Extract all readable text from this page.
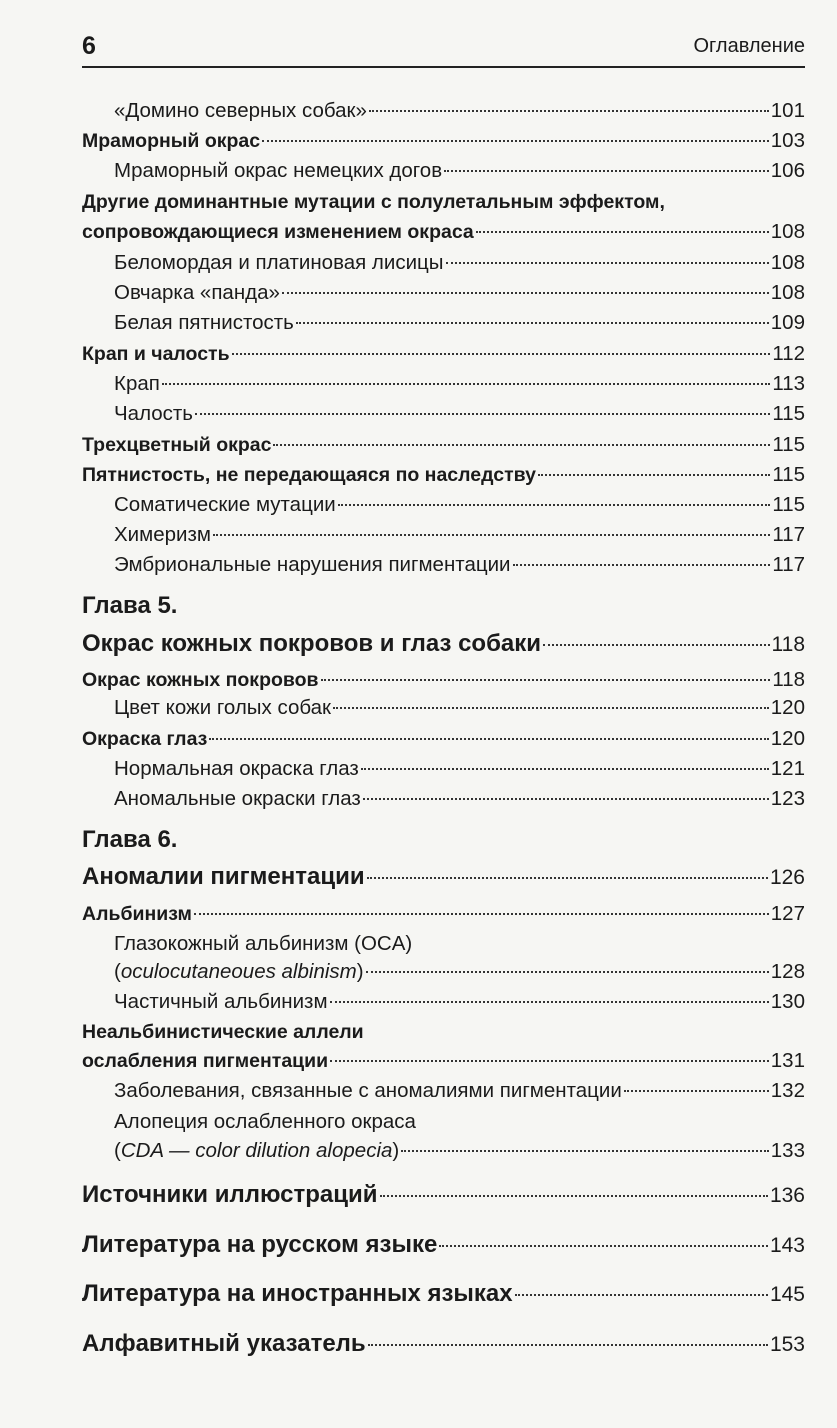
6	Оглавление
«Домино северных собак»	101
Мраморный окрас	103
Мраморный окрас немецких догов	106
Другие доминантные мутации с полулетальным эффектом,
сопровождающиеся изменением окраса	108
Беломордая и платиновая лисицы	108
Овчарка «панда»	108
Белая пятнистость	109
Крап и чалость	112
Крап	113
Чалость	115
Трехцветный окрас	115
Пятнистость, не передающаяся по наследству	115
Соматические мутации	115
Химеризм	117
Эмбриональные нарушения пигментации	117
Глава 5.
Окрас кожных покровов и глаз собаки	118
Окрас кожных покровов	118
Цвет кожи голых собак	120
Окраска глаз	120
Нормальная окраска глаз	121
Аномальные окраски глаз	123
Глава 6.
Аномалии пигментации	126
Альбинизм	127
Глазокожный альбинизм (OCA)
(oculocutaneoues albinism)	128
Частичный альбинизм	130
Неальбинистические аллели
ослабления пигментации	131
Заболевания, связанные с аномалиями пигментации	132
Алопеция ослабленного окраса
(CDA — color dilution alopecia)	133
Источники иллюстраций	136
Литература на русском языке	143
Литература на иностранных языках	145
Алфавитный указатель	153
